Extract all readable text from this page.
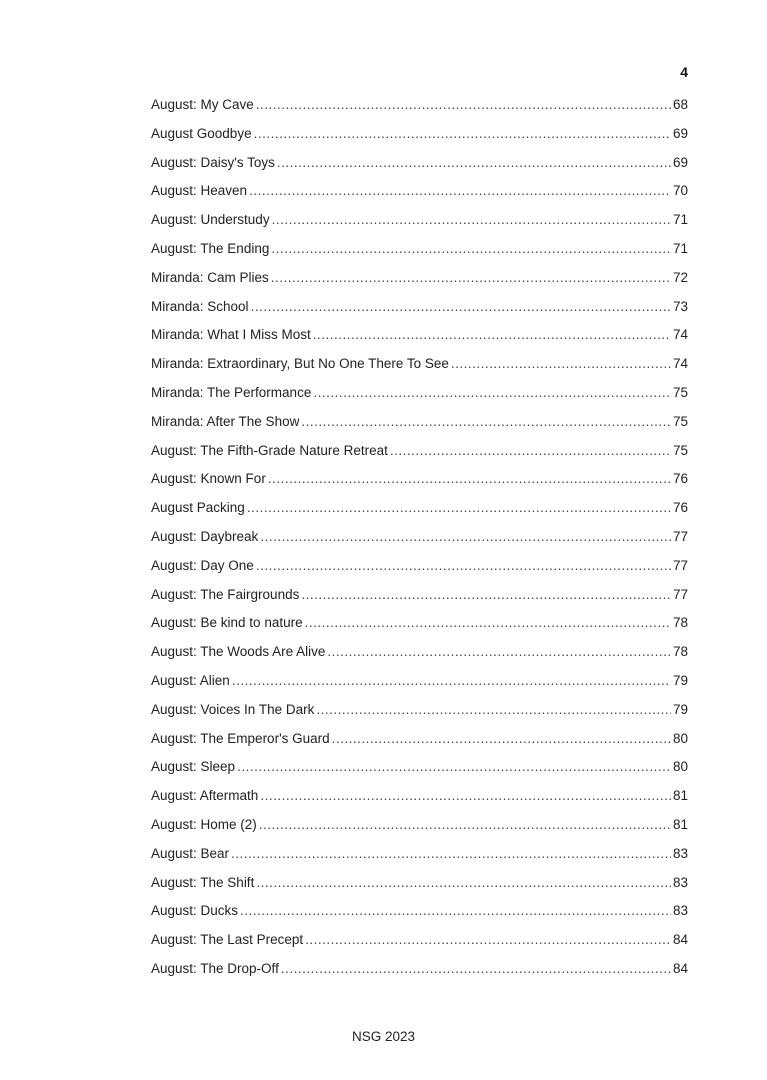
4
August: My Cave .....	68
August Goodbye .....	69
August: Daisy's Toys .....	69
August: Heaven .....	70
August: Understudy .....	71
August: The Ending .....	71
Miranda: Cam Plies .....	72
Miranda: School .....	73
Miranda: What I Miss Most .....	74
Miranda: Extraordinary, But No One There To See .....	74
Miranda: The Performance .....	75
Miranda: After The Show .....	75
August: The Fifth-Grade Nature Retreat .....	75
August: Known For .....	76
August Packing .....	76
August: Daybreak .....	77
August: Day One .....	77
August: The Fairgrounds .....	77
August: Be kind to nature .....	78
August: The Woods Are Alive .....	78
August: Alien .....	79
August: Voices In The Dark .....	79
August: The Emperor's Guard .....	80
August: Sleep .....	80
August: Aftermath .....	81
August: Home (2) .....	81
August: Bear .....	83
August: The Shift .....	83
August: Ducks .....	83
August: The Last Precept .....	84
August: The Drop-Off .....	84
NSG 2023
